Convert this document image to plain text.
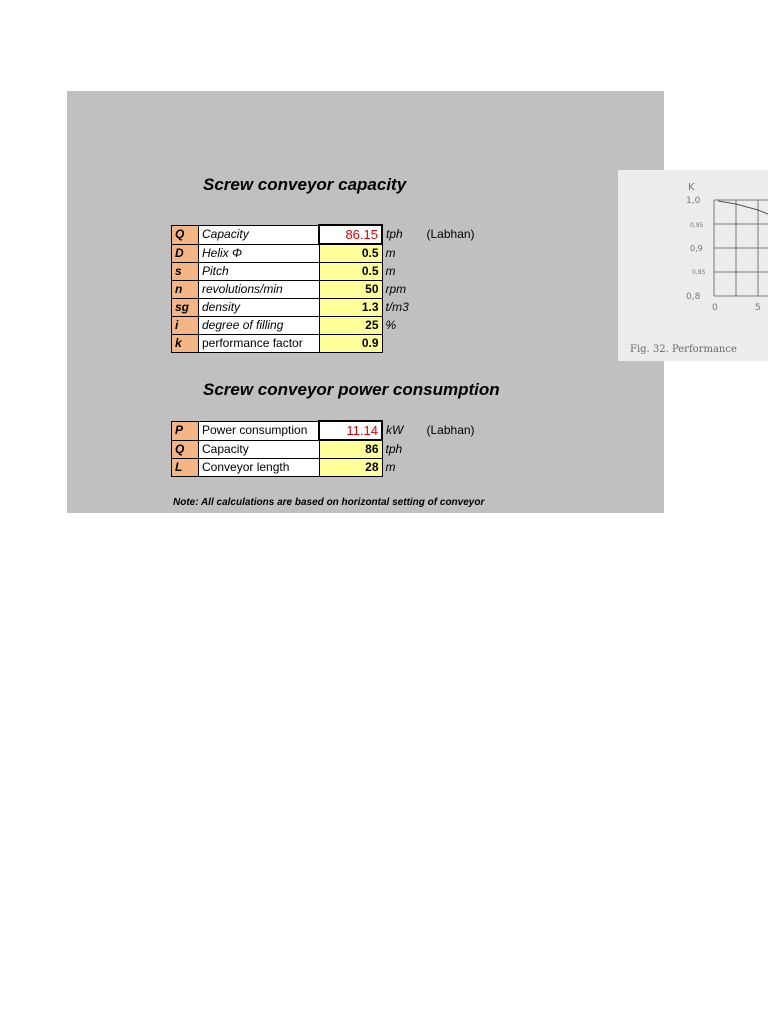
Screw conveyor capacity
Q	Capacity	86.15	tph	(Labhan)
D	Helix Φ	0.5	m	
s	Pitch	0.5	m	
n	revolutions/min	50	rpm	
sg	density	1.3	t/m3	
i	degree of filling	25	%	
k	performance factor	0.9		
Screw conveyor power consumption
P	Power consumption	11.14	kW	(Labhan)
Q	Capacity	86	tph	
L	Conveyor length	28	m	
Note: All calculations are based on horizontal setting of conveyor
K
1,0
0,95
0,9
0,85
0,8
0	5
Fig. 32. Performance
